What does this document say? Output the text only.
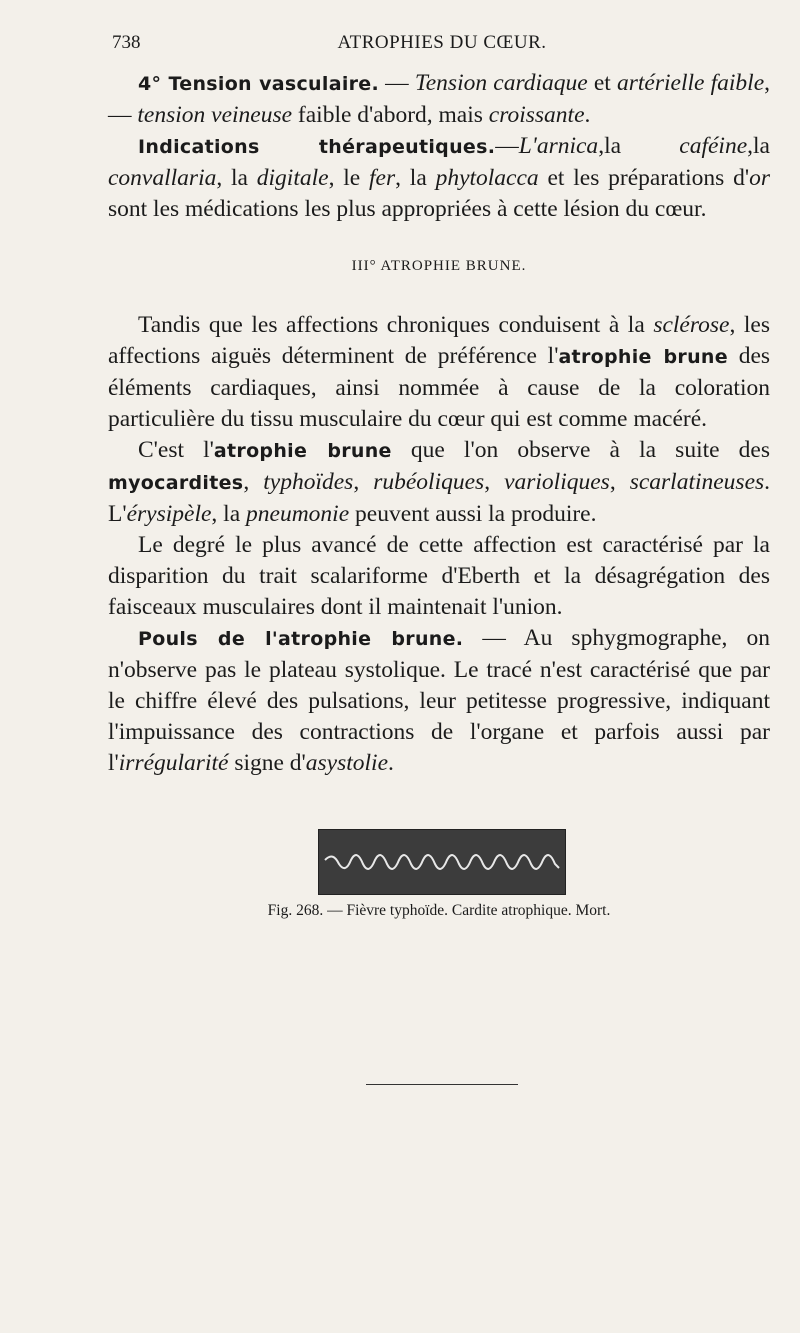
738	ATROPHIES DU CŒUR.

4° Tension vasculaire. — Tension cardiaque et artérielle faible, — tension veineuse faible d'abord, mais croissante.

Indications thérapeutiques.—L'arnica,la caféine,la convallaria, la digitale, le fer, la phytolacca et les préparations d'or sont les médications les plus appropriées à cette lésion du cœur.

III° ATROPHIE BRUNE.

Tandis que les affections chroniques conduisent à la sclérose, les affections aiguës déterminent de préférence l'atrophie brune des éléments cardiaques, ainsi nommée à cause de la coloration particulière du tissu musculaire du cœur qui est comme macéré.

C'est l'atrophie brune que l'on observe à la suite des myocardites, typhoïdes, rubéoliques, varioliques, scarlatineuses. L'érysipèle, la pneumonie peuvent aussi la produire.

Le degré le plus avancé de cette affection est caractérisé par la disparition du trait scalariforme d'Eberth et la désagrégation des faisceaux musculaires dont il maintenait l'union.

Pouls de l'atrophie brune. — Au sphygmographe, on n'observe pas le plateau systolique. Le tracé n'est caractérisé que par le chiffre élevé des pulsations, leur petitesse progressive, indiquant l'impuissance des contractions de l'organe et parfois aussi par l'irrégularité signe d'asystolie.

Fig. 268. — Fièvre typhoïde. Cardite atrophique. Mort.
